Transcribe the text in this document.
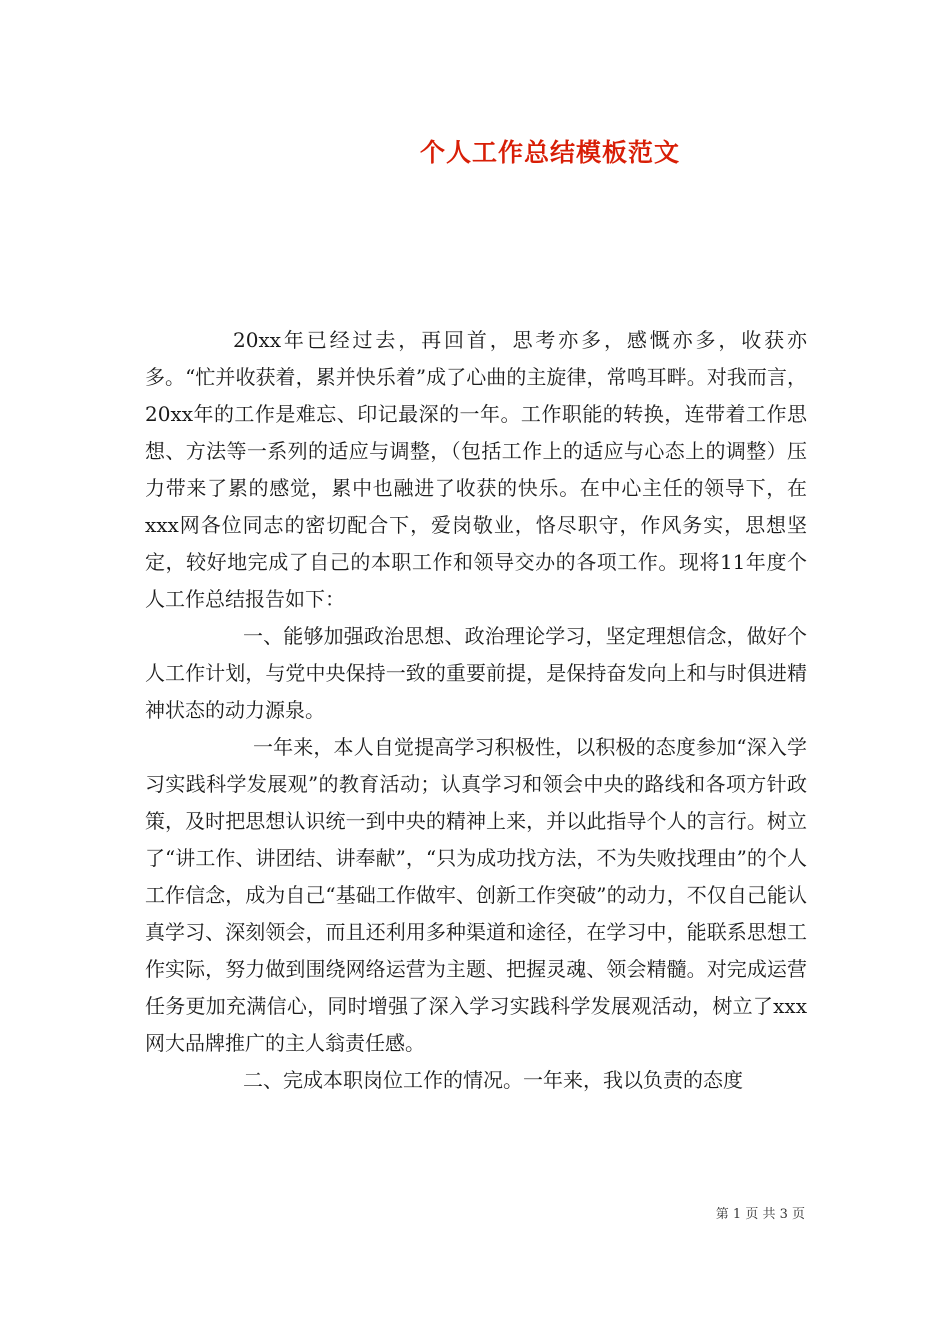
个人工作总结模板范文

20xx年已经过去，再回首，思考亦多，感慨亦多，收获亦多。“忙并收获着，累并快乐着”成了心曲的主旋律，常鸣耳畔。对我而言，20xx年的工作是难忘、印记最深的一年。工作职能的转换，连带着工作思想、方法等一系列的适应与调整，（包括工作上的适应与心态上的调整）压力带来了累的感觉，累中也融进了收获的快乐。在中心主任的领导下，在xxx网各位同志的密切配合下，爱岗敬业，恪尽职守，作风务实，思想坚定，较好地完成了自己的本职工作和领导交办的各项工作。现将11年度个人工作总结报告如下：

一、能够加强政治思想、政治理论学习，坚定理想信念，做好个人工作计划，与党中央保持一致的重要前提，是保持奋发向上和与时俱进精神状态的动力源泉。

一年来，本人自觉提高学习积极性，以积极的态度参加“深入学习实践科学发展观”的教育活动；认真学习和领会中央的路线和各项方针政策，及时把思想认识统一到中央的精神上来，并以此指导个人的言行。树立了“讲工作、讲团结、讲奉献”，“只为成功找方法，不为失败找理由”的个人工作信念，成为自己“基础工作做牢、创新工作突破”的动力，不仅自己能认真学习、深刻领会，而且还利用多种渠道和途径，在学习中，能联系思想工作实际，努力做到围绕网络运营为主题、把握灵魂、领会精髓。对完成运营任务更加充满信心，同时增强了深入学习实践科学发展观活动，树立了xxx网大品牌推广的主人翁责任感。

二、完成本职岗位工作的情况。一年来，我以负责的态度

第 1 页 共 3 页
